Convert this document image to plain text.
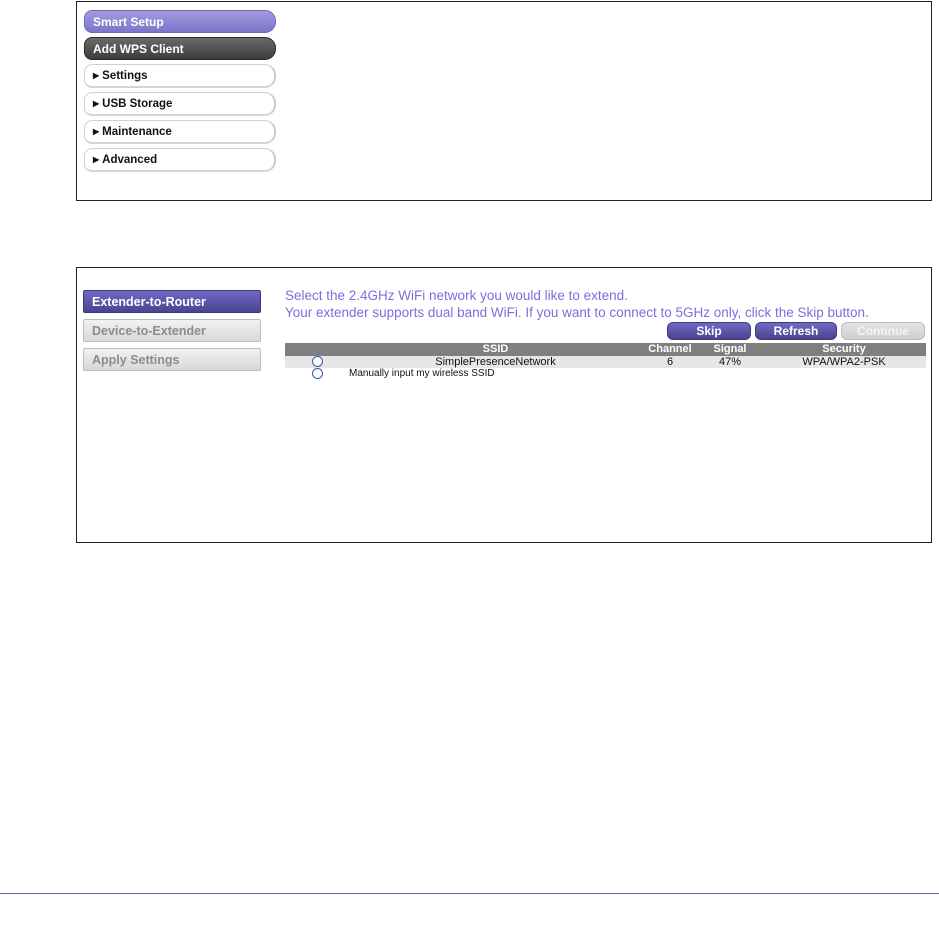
Smart Setup
Add WPS Client
▶ Settings
▶ USB Storage
▶ Maintenance
▶ Advanced
Extender-to-Router
Device-to-Extender
Apply Settings
Select the 2.4GHz WiFi network you would like to extend.
Your extender supports dual band WiFi. If you want to connect to 5GHz only, click the Skip button.
Skip	Refresh	Continue
SSID	Channel	Signal	Security
SimplePresenceNetwork	6	47%	WPA/WPA2-PSK
Manually input my wireless SSID
